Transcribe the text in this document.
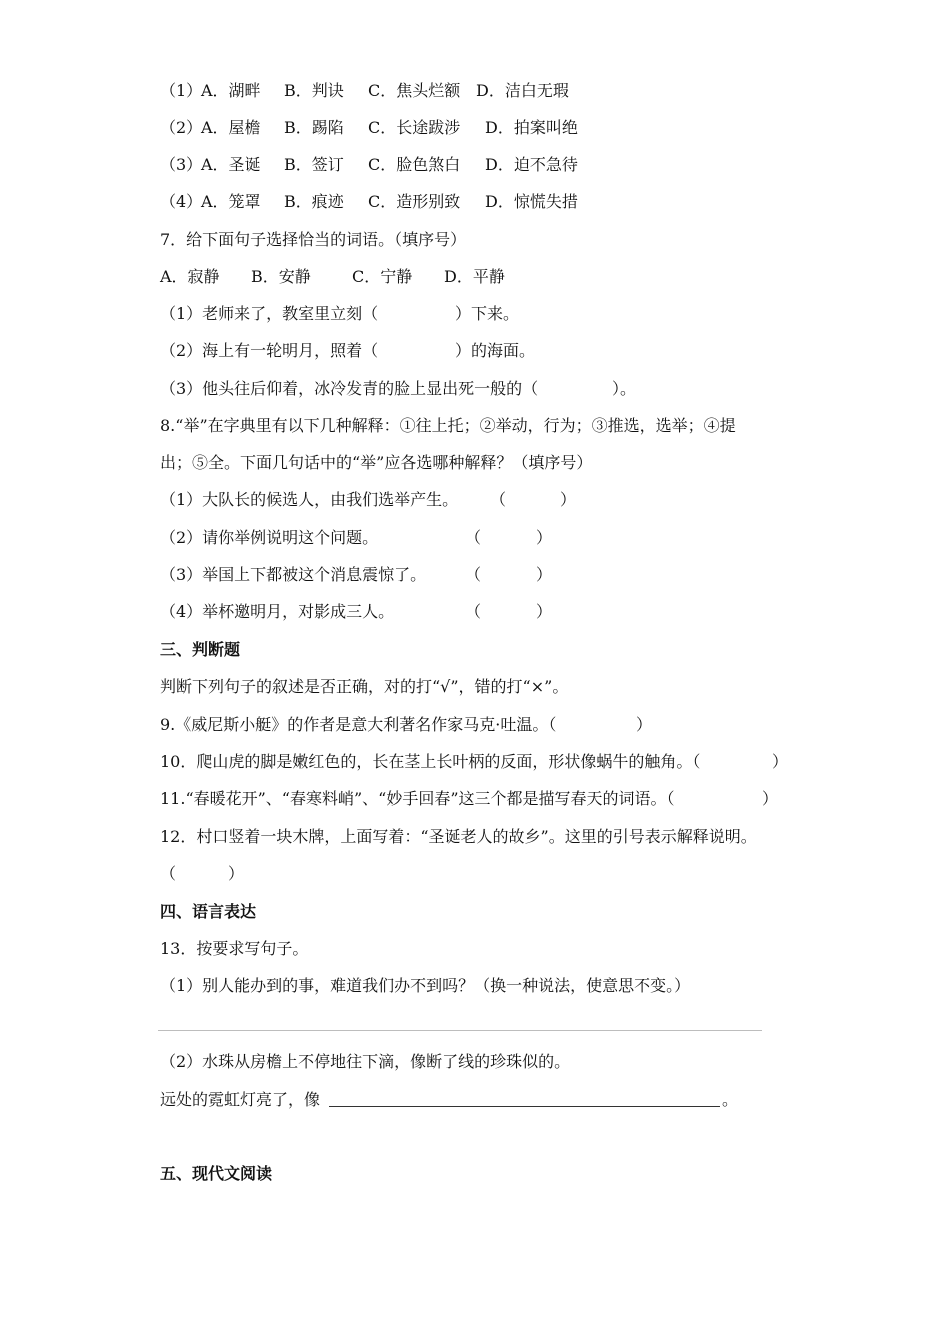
（1）
A．湖畔 B．判诀 C．焦头烂额 D．洁白无瑕
（2）
A．屋檐 B．踢陷 C．长途跋涉 D．拍案叫绝
（3）
A．圣诞 B．签订 C．脸色煞白 D．迫不急待
（4）
A．笼罩 B．痕迹 C．造形别致 D．惊慌失措
7．给下面句子选择恰当的词语。（填序号）
A．寂静 B．安静	C．宁静 D．平静
（1）老师来了，教室里立刻（	）下来。
（2）海上有一轮明月，照着（	）的海面。
（3）他头往后仰着，冰冷发青的脸上显出死一般的（	）。
8.“举”在字典里有以下几种解释：①往上托；②举动，行为；③推选，选举；④提
出；⑤全。下面几句话中的“举”应各选哪种解释？（填序号）
（1）大队长的候选人，由我们选举产生。 （	）
（2）请你举例说明这个问题。	（	）
（3）举国上下都被这个消息震惊了。 （	）
（4）举杯邀明月，对影成三人。	（	）
三、判断题
判断下列句子的叙述是否正确，对的打“√”，错的打“×”。
9.《威尼斯小艇》的作者是意大利著名作家马克·吐温。（	）
10．爬山虎的脚是嫩红色的，长在茎上长叶柄的反面，形状像蜗牛的触角。（	）
11.“春暖花开”、“春寒料峭”、“妙手回春”这三个都是描写春天的词语。（	）
12．村口竖着一块木牌，上面写着：“圣诞老人的故乡”。这里的引号表示解释说明。
（	）
四、语言表达
13．按要求写句子。
（1）别人能办到的事，难道我们办不到吗？（换一种说法，使意思不变。）
（2）水珠从房檐上不停地往下滴，像断了线的珍珠似的。
远处的霓虹灯亮了，像	。
五、现代文阅读
